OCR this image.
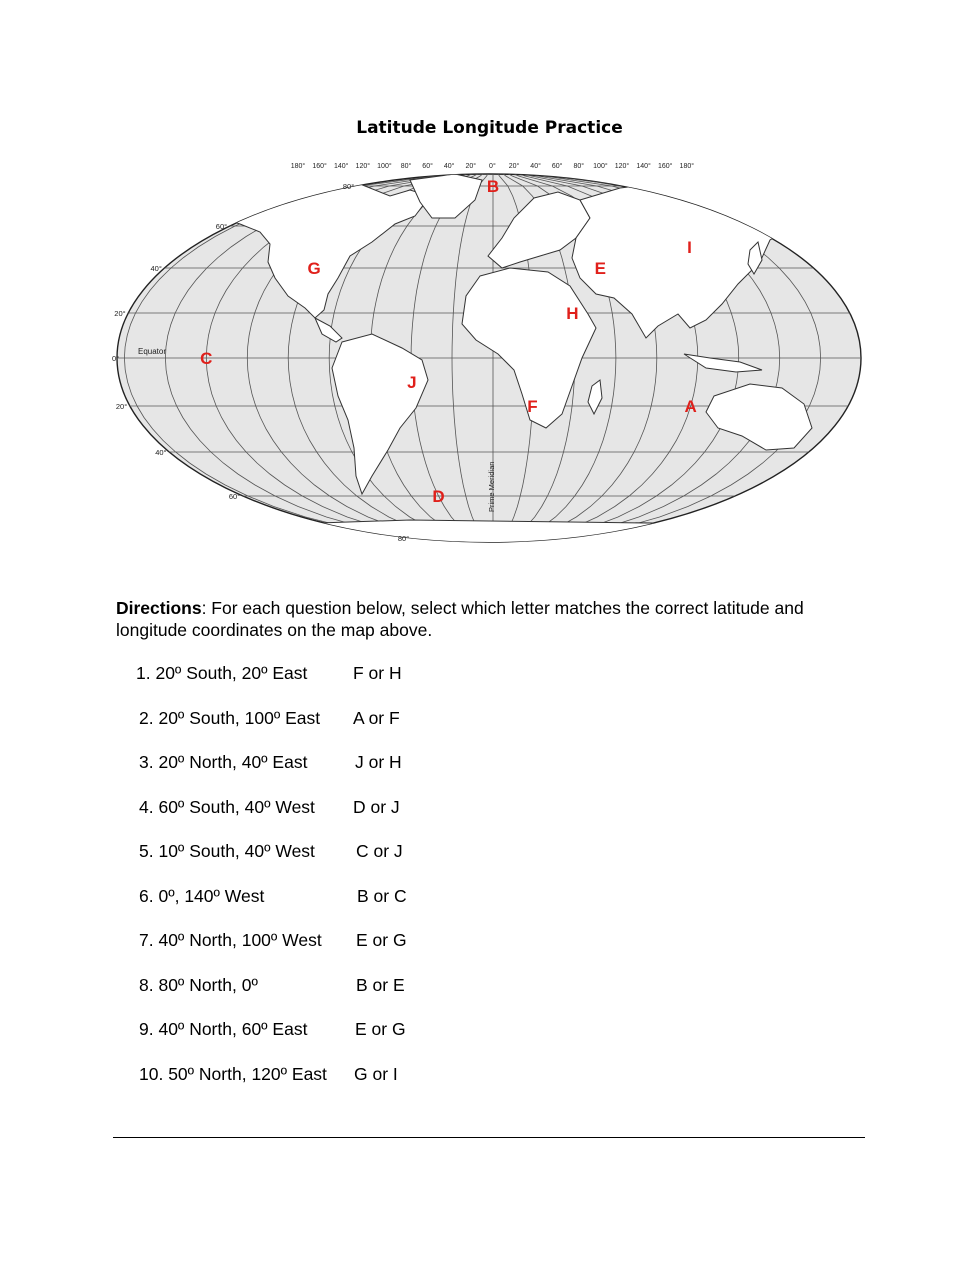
Latitude Longitude Practice
80°
60°
40°
20°
0°
20°
40°
60°
80°
180° 160° 140° 120° 100° 80° 60° 40° 20° 0° 20° 40° 60° 80° 100° 120° 140° 160° 180°
Equator
Prime Meridian
A
B
C
D
E
F
G
H
I
J
Directions: For each question below, select which letter matches the correct latitude and longitude coordinates on the map above.
1. 20º South, 20º East	F or H
2. 20º South, 100º East A or F
3. 20º North, 40º East	J or H
4. 60º South, 40º West D or J
5. 10º South, 40º West C or J
6. 0º, 140º West	B or C
7. 40º North, 100º West E or G
8. 80º North, 0º	B or E
9. 40º North, 60º East	E or G
10. 50º North, 120º East G or I
